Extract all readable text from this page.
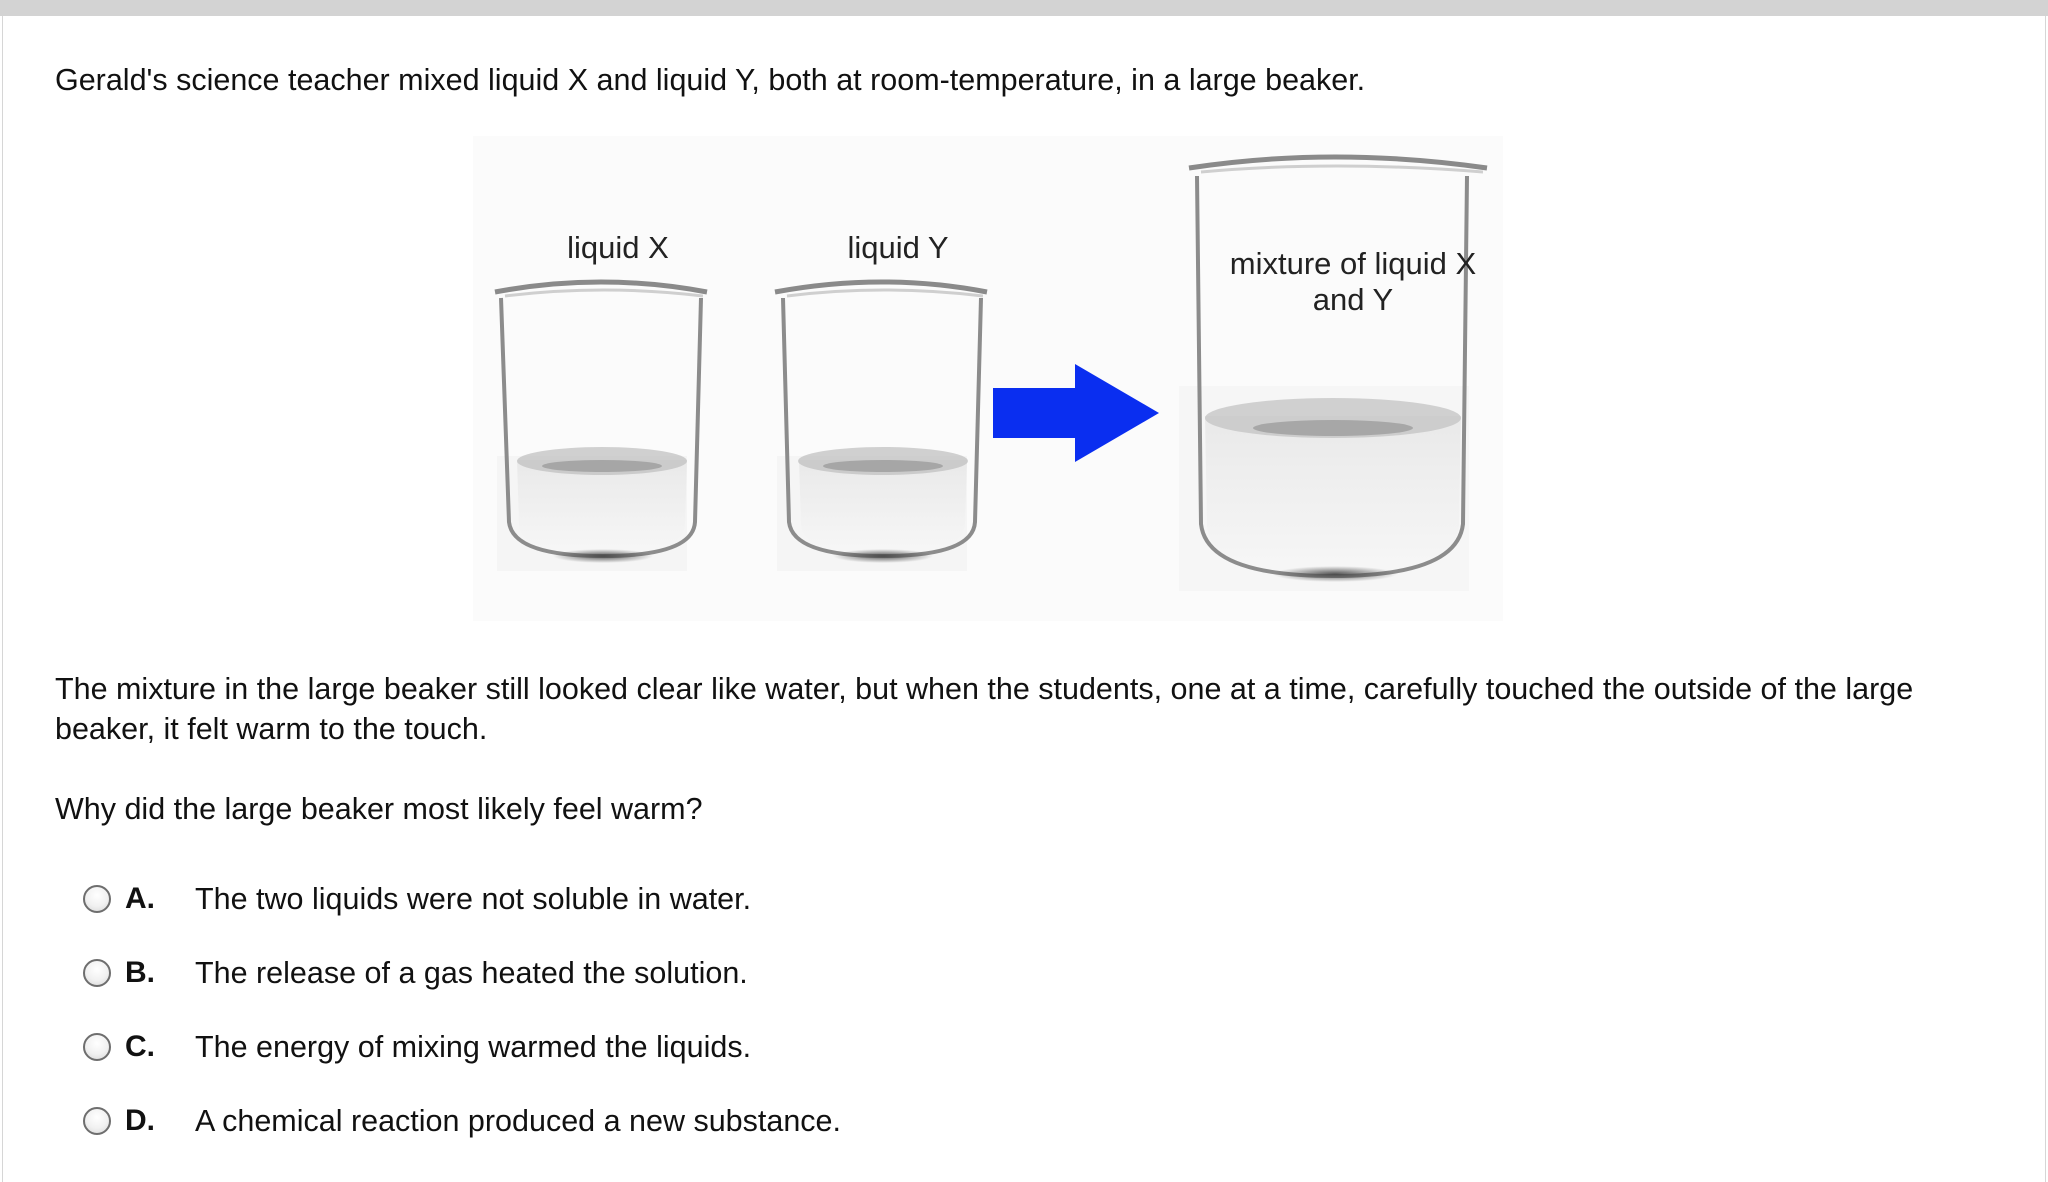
Gerald's science teacher mixed liquid X and liquid Y, both at room-temperature, in a large beaker.
liquid X	liquid Y	mixture of liquid X and Y
The mixture in the large beaker still looked clear like water, but when the students, one at a time, carefully touched the outside of the large beaker, it felt warm to the touch.
Why did the large beaker most likely feel warm?
A.	The two liquids were not soluble in water.
B.	The release of a gas heated the solution.
C.	The energy of mixing warmed the liquids.
D.	A chemical reaction produced a new substance.
